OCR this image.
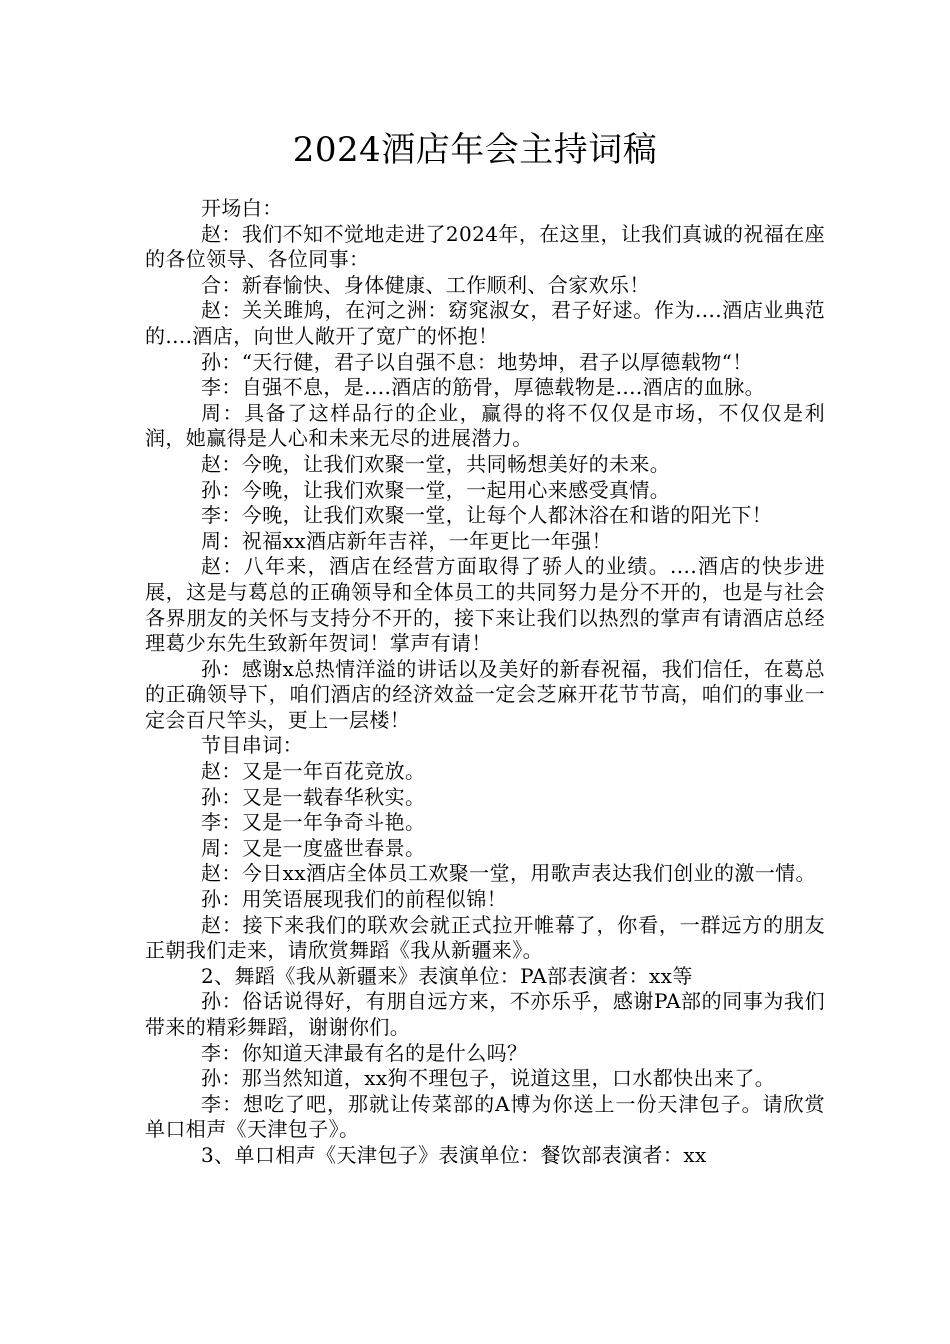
2024酒店年会主持词稿

开场白：

赵：我们不知不觉地走进了2024年，在这里，让我们真诚的祝福在座的各位领导、各位同事：

合：新春愉快、身体健康、工作顺利、合家欢乐！

赵：关关雎鸠，在河之洲：窈窕淑女，君子好逑。作为....酒店业典范的....酒店，向世人敞开了宽广的怀抱！

孙：“天行健，君子以自强不息：地势坤，君子以厚德载物“！

李：自强不息，是....酒店的筋骨，厚德载物是....酒店的血脉。

周：具备了这样品行的企业，赢得的将不仅仅是市场，不仅仅是利润，她赢得是人心和未来无尽的进展潜力。

赵：今晚，让我们欢聚一堂，共同畅想美好的未来。

孙：今晚，让我们欢聚一堂，一起用心来感受真情。

李：今晚，让我们欢聚一堂，让每个人都沐浴在和谐的阳光下！

周：祝福xx酒店新年吉祥，一年更比一年强！

赵：八年来，酒店在经营方面取得了骄人的业绩。....酒店的快步进展，这是与葛总的正确领导和全体员工的共同努力是分不开的，也是与社会各界朋友的关怀与支持分不开的，接下来让我们以热烈的掌声有请酒店总经理葛少东先生致新年贺词！掌声有请！

孙：感谢x总热情洋溢的讲话以及美好的新春祝福，我们信任，在葛总的正确领导下，咱们酒店的经济效益一定会芝麻开花节节高，咱们的事业一定会百尺竿头，更上一层楼！

节目串词：

赵：又是一年百花竞放。

孙：又是一载春华秋实。

李：又是一年争奇斗艳。

周：又是一度盛世春景。

赵：今日xx酒店全体员工欢聚一堂，用歌声表达我们创业的激一情。

孙：用笑语展现我们的前程似锦！

赵：接下来我们的联欢会就正式拉开帷幕了，你看，一群远方的朋友正朝我们走来，请欣赏舞蹈《我从新疆来》。

2、舞蹈《我从新疆来》表演单位：PA部表演者：xx等

孙：俗话说得好，有朋自远方来，不亦乐乎，感谢PA部的同事为我们带来的精彩舞蹈，谢谢你们。

李：你知道天津最有名的是什么吗？

孙：那当然知道，xx狗不理包子，说道这里，口水都快出来了。

李：想吃了吧，那就让传菜部的A博为你送上一份天津包子。请欣赏单口相声《天津包子》。

3、单口相声《天津包子》表演单位：餐饮部表演者：xx
